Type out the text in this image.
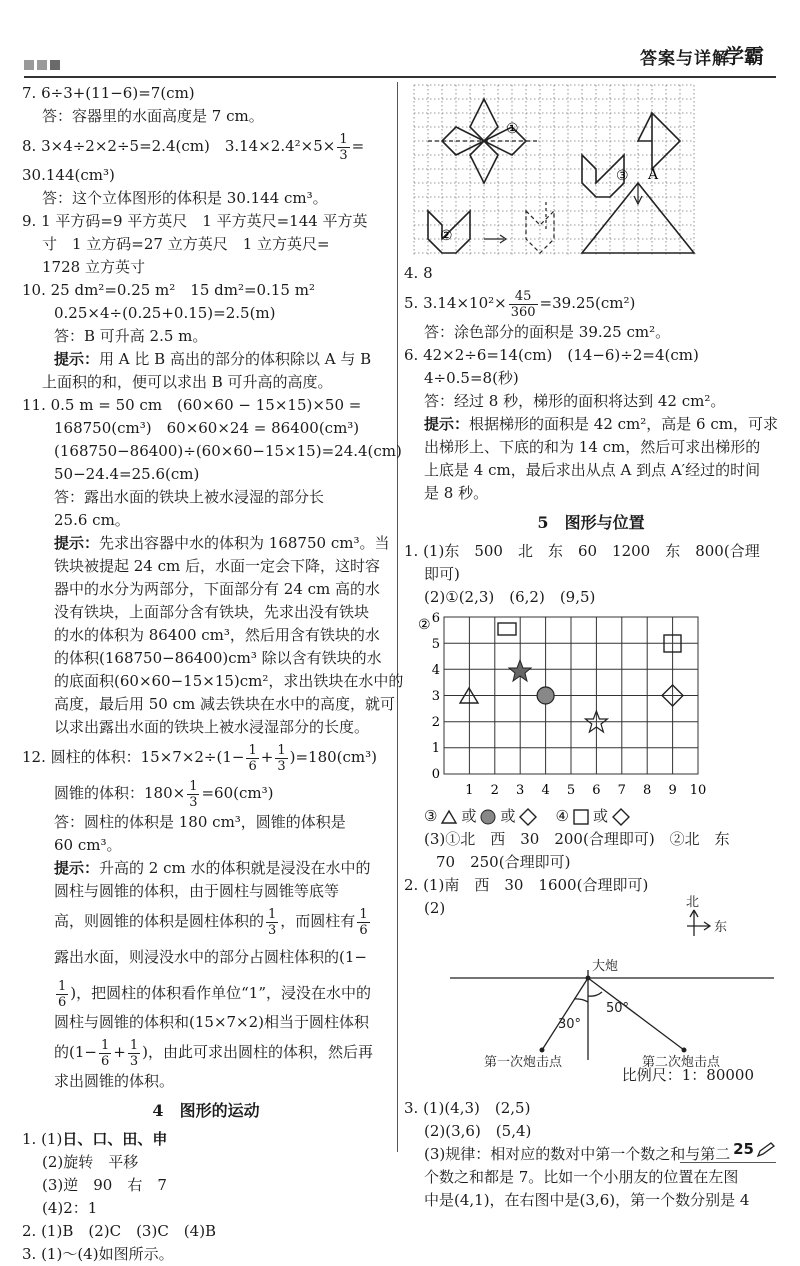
答案与详解
学霸
7. 6÷3+(11−6)=7(cm)
答：容器里的水面高度是 7 cm。
8. 3×4÷2×2÷5=2.4(cm)　$3.14\times 2.4^2\times 5\times \frac{1}{3}$ =
30.144(cm³)
答：这个立体图形的体积是 30.144 cm³。
9. 1 平方码=9 平方英尺　1 平方英尺=144 平方英
寸　1 立方码=27 立方英尺　1 立方英尺=
1728 立方英寸
10. 25 dm²=0.25 m²　15 dm²=0.15 m²
0.25×4÷(0.25+0.15)=2.5(m)
答：B 可升高 2.5 m。
提示：用 A 比 B 高出的部分的体积除以 A 与 B
上面积的和，便可以求出 B 可升高的高度。
11. 0.5 m = 50 cm　(60×60 − 15×15)×50 =
168750(cm³)　60×60×24 = 86400(cm³)
(168750−86400)÷(60×60−15×15)=24.4(cm)
50−24.4=25.6(cm)
答：露出水面的铁块上被水浸湿的部分长
25.6 cm。
提示：先求出容器中水的体积为 168750 cm³。当
铁块被提起 24 cm 后，水面一定会下降，这时容
器中的水分为两部分，下面部分有 24 cm 高的水
没有铁块，上面部分含有铁块，先求出没有铁块
的水的体积为 86400 cm³，然后用含有铁块的水
的体积(168750−86400)cm³ 除以含有铁块的水
的底面积(60×60−15×15)cm²，求出铁块在水中的
高度，最后用 50 cm 减去铁块在水中的高度，就可
以求出露出水面的铁块上被水浸湿部分的长度。
12. 圆柱的体积：$15\times 7\times 2\div(1- \frac{1}{6} + \frac{1}{3} )=180(cm^3)$
圆锥的体积：$180\times \frac{1}{3} =60(cm^3)$
答：圆柱的体积是 180 cm³，圆锥的体积是
60 cm³。
提示：升高的 2 cm 水的体积就是浸没在水中的
圆柱与圆锥的体积，由于圆柱与圆锥等底等
高，则圆锥的体积是圆柱体积的 $\frac{1}{3}$ ，而圆柱有 $\frac{1}{6}$
露出水面，则浸没水中的部分占圆柱体积的(1−
$\frac{1}{6}$ )，把圆柱的体积看作单位“1”，浸没在水中的
圆柱与圆锥的体积和(15×7×2)相当于圆柱体积
的($1- \frac{1}{6} + \frac{1}{3}$ )，由此可求出圆柱的体积，然后再
求出圆锥的体积。
4 图形的运动
1. (1)日、口、田、申
(2)旋转　平移
(3)逆　90　右　7
(4)2：1
2. (1)B　(2)C　(3)C　(4)B
3. (1)～(4)如图所示。
①
③ A
②
4. 8
5. $3.14\times 10^2\times \frac{45}{360} =39.25(cm^2)$
答：涂色部分的面积是 39.25 cm²。
6. 42×2÷6=14(cm)　(14−6)÷2=4(cm)
4÷0.5=8(秒)
答：经过 8 秒，梯形的面积将达到 42 cm²。
提示：根据梯形的面积是 42 cm²，高是 6 cm，可求
出梯形上、下底的和为 14 cm，然后可求出梯形的
上底是 4 cm，最后求出从点 A 到点 A′经过的时间
是 8 秒。
5 图形与位置
1. (1)东　500　北　东　60　1200　东　800(合理
即可)
(2)①(2,3)　(6,2)　(9,5)
② 6
5
4
3
2
1
0
1 2 3 4 5 6 7 8 9 10
③ 或 或	④ 或
(3)①北　西　30　200(合理即可)　②北　东
70　250(合理即可)
2. (1)南　西　30　1600(合理即可)
(2)	北
东
大炮
30°
50°
第一次炮击点	第二次炮击点
比例尺：1：80000
3. (1)(4,3)　(2,5)
(2)(3,6)　(5,4)
(3)规律：相对应的数对中第一个数之和与第二
个数之和都是 7。比如一个小朋友的位置在左图
中是(4,1)，在右图中是(3,6)，第一个数分别是 4
25
